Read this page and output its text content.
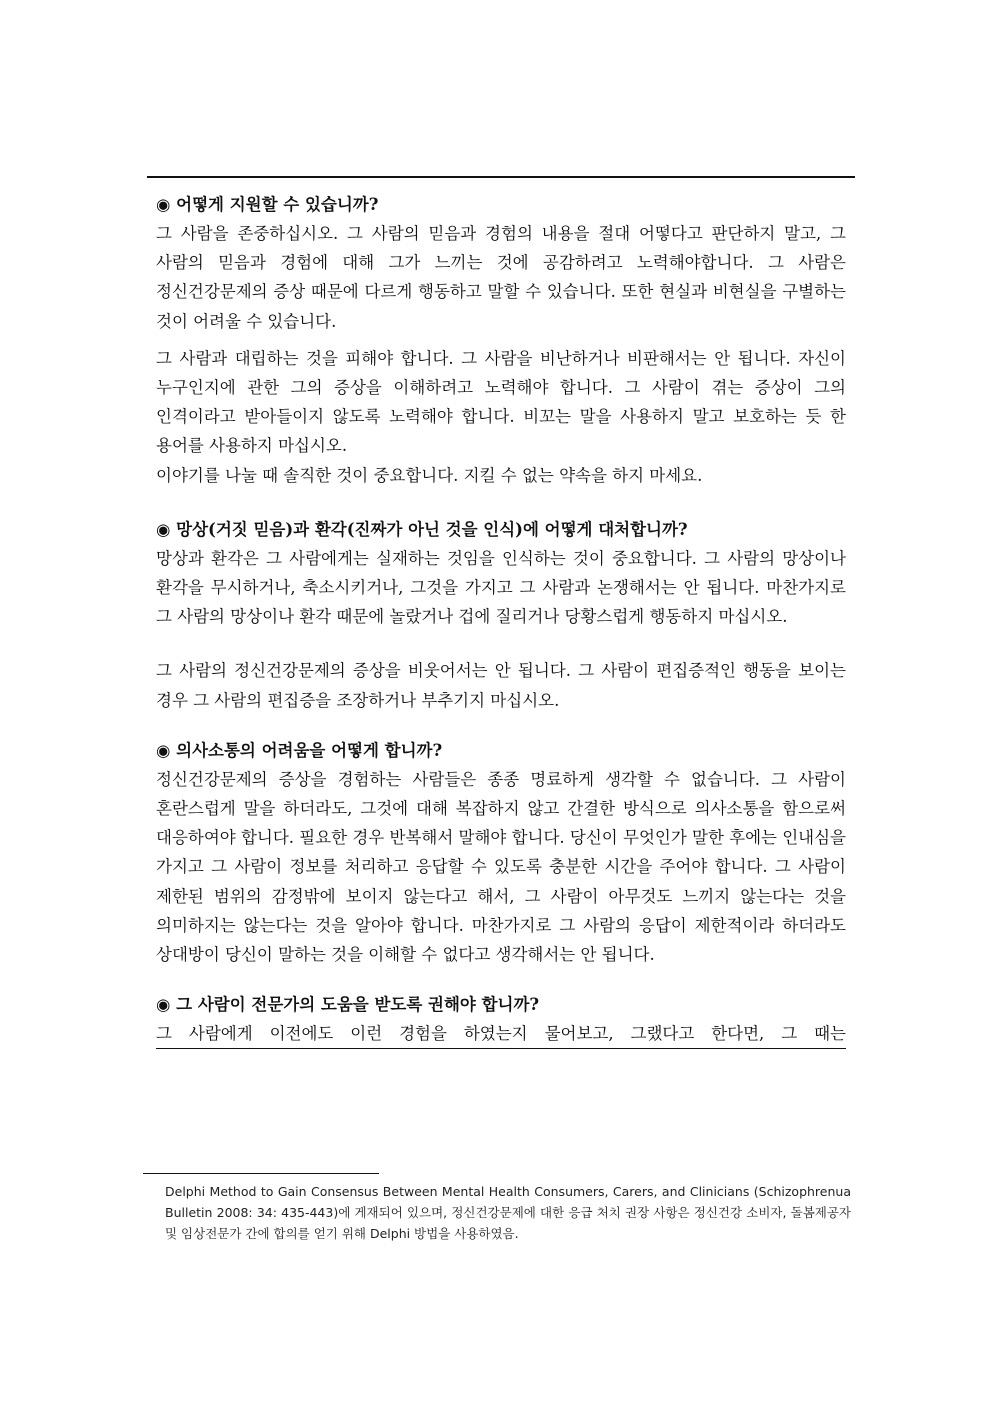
◉ 어떻게 지원할 수 있습니까?

그 사람을 존중하십시오. 그 사람의 믿음과 경험의 내용을 절대 어떻다고 판단하지 말고, 그 사람의 믿음과 경험에 대해 그가 느끼는 것에 공감하려고 노력해야합니다. 그 사람은 정신건강문제의 증상 때문에 다르게 행동하고 말할 수 있습니다. 또한 현실과 비현실을 구별하는 것이 어려울 수 있습니다.

그 사람과 대립하는 것을 피해야 합니다. 그 사람을 비난하거나 비판해서는 안 됩니다. 자신이 누구인지에 관한 그의 증상을 이해하려고 노력해야 합니다. 그 사람이 겪는 증상이 그의 인격이라고 받아들이지 않도록 노력해야 합니다. 비꼬는 말을 사용하지 말고 보호하는 듯 한 용어를 사용하지 마십시오.

이야기를 나눌 때 솔직한 것이 중요합니다. 지킬 수 없는 약속을 하지 마세요.

◉ 망상(거짓 믿음)과 환각(진짜가 아닌 것을 인식)에 어떻게 대처합니까?

망상과 환각은 그 사람에게는 실재하는 것임을 인식하는 것이 중요합니다. 그 사람의 망상이나 환각을 무시하거나, 축소시키거나, 그것을 가지고 그 사람과 논쟁해서는 안 됩니다. 마찬가지로 그 사람의 망상이나 환각 때문에 놀랐거나 겁에 질리거나 당황스럽게 행동하지 마십시오.

그 사람의 정신건강문제의 증상을 비웃어서는 안 됩니다. 그 사람이 편집증적인 행동을 보이는 경우 그 사람의 편집증을 조장하거나 부추기지 마십시오.

◉ 의사소통의 어려움을 어떻게 합니까?

정신건강문제의 증상을 경험하는 사람들은 종종 명료하게 생각할 수 없습니다. 그 사람이 혼란스럽게 말을 하더라도, 그것에 대해 복잡하지 않고 간결한 방식으로 의사소통을 함으로써 대응하여야 합니다. 필요한 경우 반복해서 말해야 합니다. 당신이 무엇인가 말한 후에는 인내심을 가지고 그 사람이 정보를 처리하고 응답할 수 있도록 충분한 시간을 주어야 합니다. 그 사람이 제한된 범위의 감정밖에 보이지 않는다고 해서, 그 사람이 아무것도 느끼지 않는다는 것을 의미하지는 않는다는 것을 알아야 합니다. 마찬가지로 그 사람의 응답이 제한적이라 하더라도 상대방이 당신이 말하는 것을 이해할 수 없다고 생각해서는 안 됩니다.

◉ 그 사람이 전문가의 도움을 받도록 권해야 합니까?

그 사람에게 이전에도 이런 경험을 하였는지 물어보고, 그랬다고 한다면, 그 때는

Delphi Method to Gain Consensus Between Mental Health Consumers, Carers, and Clinicians (Schizophrenua Bulletin 2008: 34: 435-443)에 게재되어 있으며, 정신건강문제에 대한 응급 처치 권장 사항은 정신건강 소비자, 돌봄제공자 및 임상전문가 간에 합의를 얻기 위해 Delphi 방법을 사용하였음.
